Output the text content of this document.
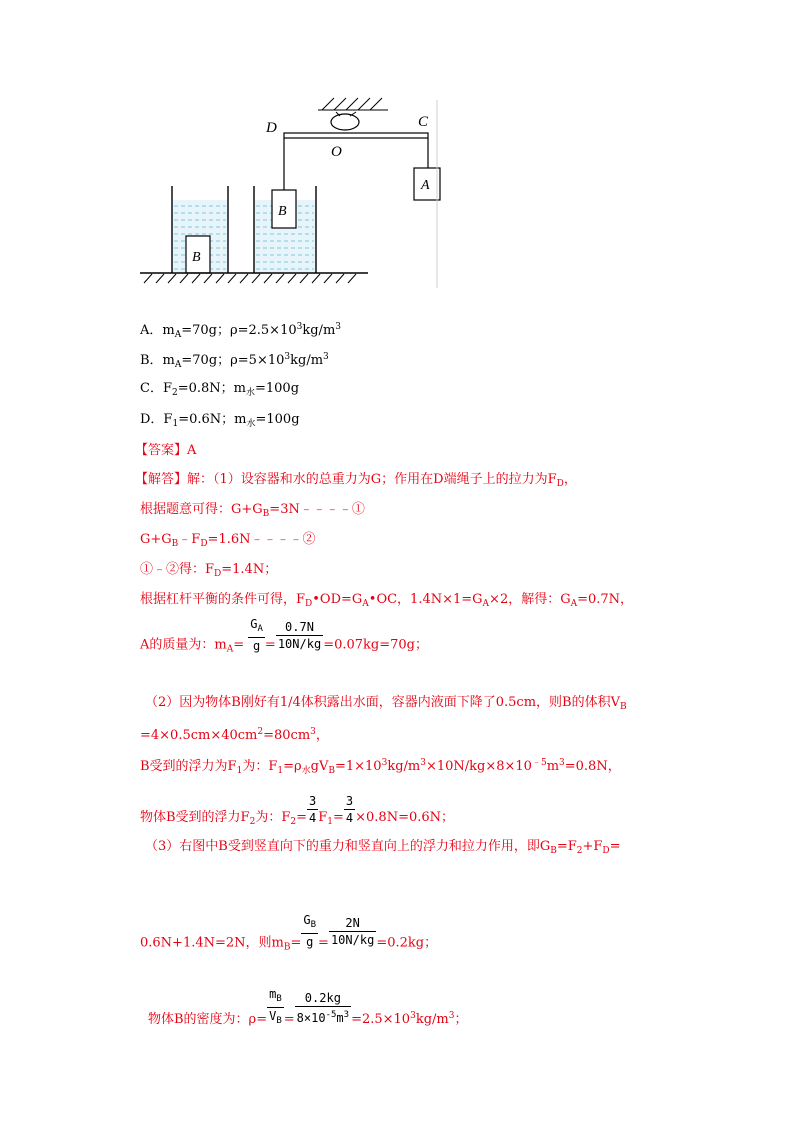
D	C
O
A
B
B
A．$m_A=70g$；$\rho=2.5\times 10^3kg/m^3$
B．$m_A=70g$；$\rho=5\times 10^3kg/m^3$
C．$F_2=0.8N$；$m_水=100g$
D．$F_1=0.6N$；$m_水=100g$
【答案】A
【解答】解：（1）设容器和水的总重力为G；作用在D端绳子上的拉力为$F_D$，
根据题意可得：$G+G_B=3N﹣﹣﹣﹣①$
$G+G_B﹣F_D=1.6N﹣﹣﹣﹣②$
①﹣②得：$F_D=1.4N$；
根据杠杆平衡的条件可得，$F_D•OD=G_A•OC$，$1.4N\times 1=G_A\times 2$，解得：$G_A=0.7N$，
A的质量为：$m_A= \frac{G_A}{g} = \frac{0.7N}{10N/kg} =0.07kg=70g$；
（2）因为物体B刚好有1/4体积露出水面，容器内液面下降了0.5cm，则B的体积$V_B$
$=4\times 0.5cm\times 40cm^2=80cm^3$，
B受到的浮力为$F_1$为：$F_1=\rho_水gV_B=1\times 10^3kg/m^3\times 10N/kg\times 8\times 10^{﹣5}m^3=0.8N$，
物体B受到的浮力$F_2$为：$F_2= \frac{3}{4} F_1= \frac{3}{4} \times 0.8N=0.6N$；
（3）右图中B受到竖直向下的重力和竖直向上的浮力和拉力作用，即$G_B=F_2+F_D=$
0.6N+1.4N=2N，则$m_B= \frac{G_B}{g} = \frac{2N}{10N/kg} =0.2kg$；
物体B的密度为：$\rho= \frac{m_B}{V_B} = \frac{0.2kg}{8\times 10^{-5}m^3} =2.5\times 10^3kg/m^3$；
